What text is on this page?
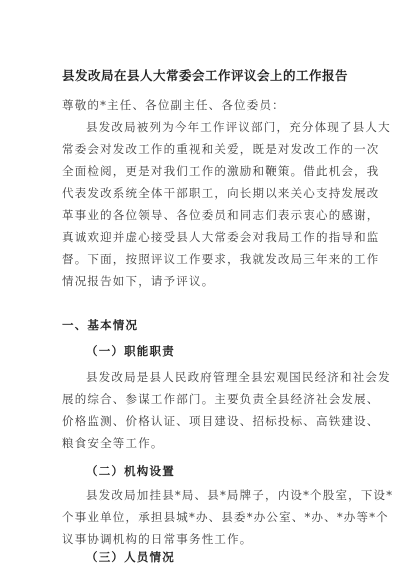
县发改局在县人大常委会工作评议会上的工作报告
尊敬的*主任、各位副主任、各位委员：
县发改局被列为今年工作评议部门，充分体现了县人大
常委会对发改工作的重视和关爱，既是对发改工作的一次
全面检阅，更是对我们工作的激励和鞭策。借此机会，我
代表发改系统全体干部职工，向长期以来关心支持发展改
革事业的各位领导、各位委员和同志们表示衷心的感谢，
真诚欢迎并虚心接受县人大常委会对我局工作的指导和监
督。下面，按照评议工作要求，我就发改局三年来的工作
情况报告如下，请予评议。
一、基本情况
（一）职能职责
县发改局是县人民政府管理全县宏观国民经济和社会发
展的综合、参谋工作部门。主要负责全县经济社会发展、
价格监测、价格认证、项目建设、招标投标、高铁建设、
粮食安全等工作。
（二）机构设置
县发改局加挂县*局、县*局牌子，内设*个股室，下设*
个事业单位，承担县城*办、县委*办公室、*办、*办等*个
议事协调机构的日常事务性工作。
（三）人员情况
